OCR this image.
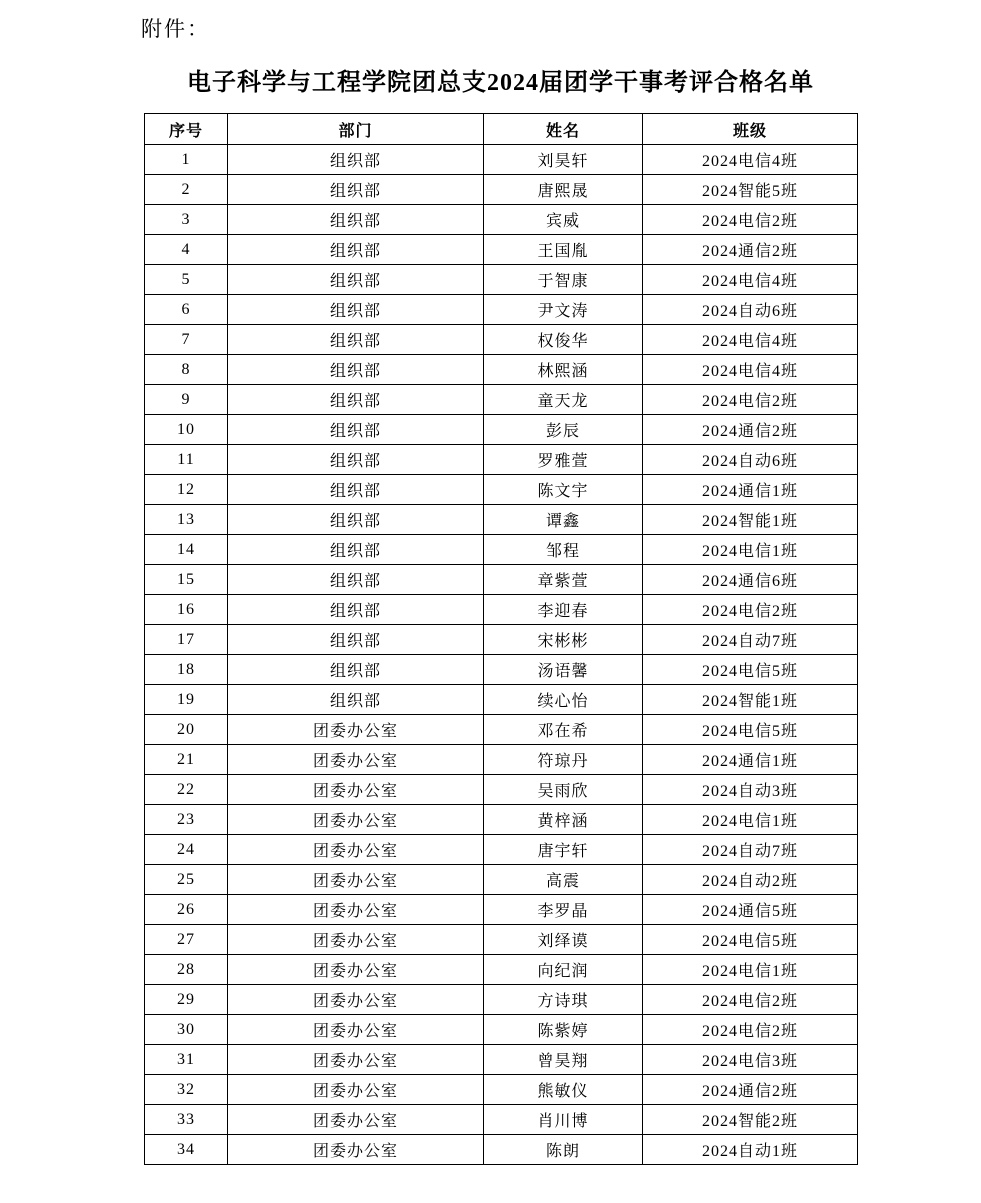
附件：
电子科学与工程学院团总支2024届团学干事考评合格名单
序号	部门	姓名	班级
1	组织部	刘昊轩	2024电信4班
2	组织部	唐熙晟	2024智能5班
3	组织部	宾威	2024电信2班
4	组织部	王国胤	2024通信2班
5	组织部	于智康	2024电信4班
6	组织部	尹文涛	2024自动6班
7	组织部	权俊华	2024电信4班
8	组织部	林熙涵	2024电信4班
9	组织部	童天龙	2024电信2班
10	组织部	彭辰	2024通信2班
11	组织部	罗雅萱	2024自动6班
12	组织部	陈文宇	2024通信1班
13	组织部	谭鑫	2024智能1班
14	组织部	邹程	2024电信1班
15	组织部	章紫萱	2024通信6班
16	组织部	李迎春	2024电信2班
17	组织部	宋彬彬	2024自动7班
18	组织部	汤语馨	2024电信5班
19	组织部	续心怡	2024智能1班
20	团委办公室	邓在希	2024电信5班
21	团委办公室	符琼丹	2024通信1班
22	团委办公室	吴雨欣	2024自动3班
23	团委办公室	黄梓涵	2024电信1班
24	团委办公室	唐宇轩	2024自动7班
25	团委办公室	高震	2024自动2班
26	团委办公室	李罗晶	2024通信5班
27	团委办公室	刘绎谟	2024电信5班
28	团委办公室	向纪润	2024电信1班
29	团委办公室	方诗琪	2024电信2班
30	团委办公室	陈紫婷	2024电信2班
31	团委办公室	曾昊翔	2024电信3班
32	团委办公室	熊敏仪	2024通信2班
33	团委办公室	肖川博	2024智能2班
34	团委办公室	陈朗	2024自动1班
